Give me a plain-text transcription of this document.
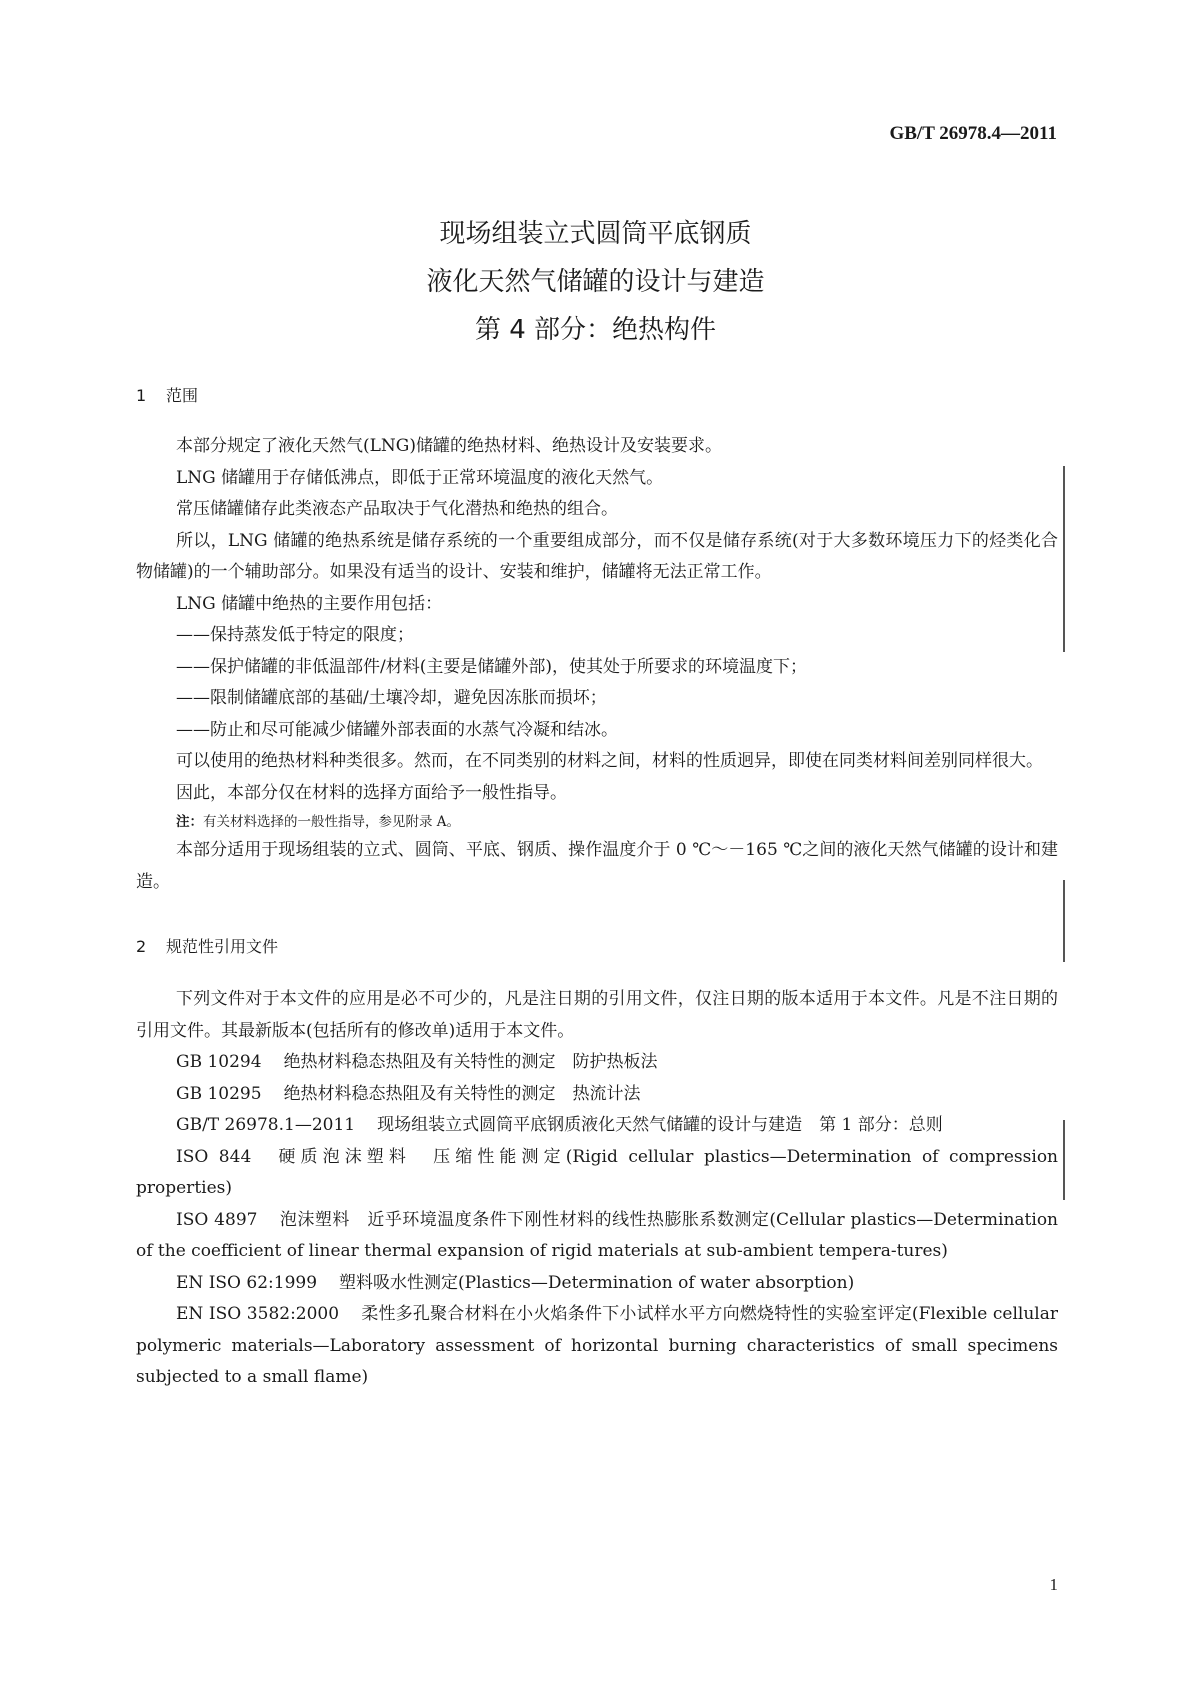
GB/T 26978.4—2011
现场组装立式圆筒平底钢质
液化天然气储罐的设计与建造
第 4 部分：绝热构件
1 范围

本部分规定了液化天然气(LNG)储罐的绝热材料、绝热设计及安装要求。

LNG 储罐用于存储低沸点，即低于正常环境温度的液化天然气。

常压储罐储存此类液态产品取决于气化潜热和绝热的组合。

所以，LNG 储罐的绝热系统是储存系统的一个重要组成部分，而不仅是储存系统(对于大多数环境压力下的烃类化合物储罐)的一个辅助部分。如果没有适当的设计、安装和维护，储罐将无法正常工作。

LNG 储罐中绝热的主要作用包括：

——保持蒸发低于特定的限度；

——保护储罐的非低温部件/材料(主要是储罐外部)，使其处于所要求的环境温度下；

——限制储罐底部的基础/土壤冷却，避免因冻胀而损坏；

——防止和尽可能减少储罐外部表面的水蒸气冷凝和结冰。

可以使用的绝热材料种类很多。然而，在不同类别的材料之间，材料的性质迥异，即使在同类材料间差别同样很大。

因此，本部分仅在材料的选择方面给予一般性指导。

注：有关材料选择的一般性指导，参见附录 A。

本部分适用于现场组装的立式、圆筒、平底、钢质、操作温度介于 0 ℃～－165 ℃之间的液化天然气储罐的设计和建造。

2 规范性引用文件

下列文件对于本文件的应用是必不可少的，凡是注日期的引用文件，仅注日期的版本适用于本文件。凡是不注日期的引用文件。其最新版本(包括所有的修改单)适用于本文件。

GB 10294 绝热材料稳态热阻及有关特性的测定　防护热板法

GB 10295 绝热材料稳态热阻及有关特性的测定　热流计法

GB/T 26978.1—2011 现场组装立式圆筒平底钢质液化天然气储罐的设计与建造　第 1 部分：总则

ISO 844 硬质泡沫塑料　压缩性能测定(Rigid cellular plastics—Determination of compression properties)

ISO 4897 泡沫塑料　近乎环境温度条件下刚性材料的线性热膨胀系数测定(Cellular plastics—Determination of the coefficient of linear thermal expansion of rigid materials at sub-ambient tempera-tures)

EN ISO 62:1999 塑料吸水性测定(Plastics—Determination of water absorption)

EN ISO 3582:2000 柔性多孔聚合材料在小火焰条件下小试样水平方向燃烧特性的实验室评定(Flexible cellular polymeric materials—Laboratory assessment of horizontal burning characteristics of small specimens subjected to a small flame)

1
